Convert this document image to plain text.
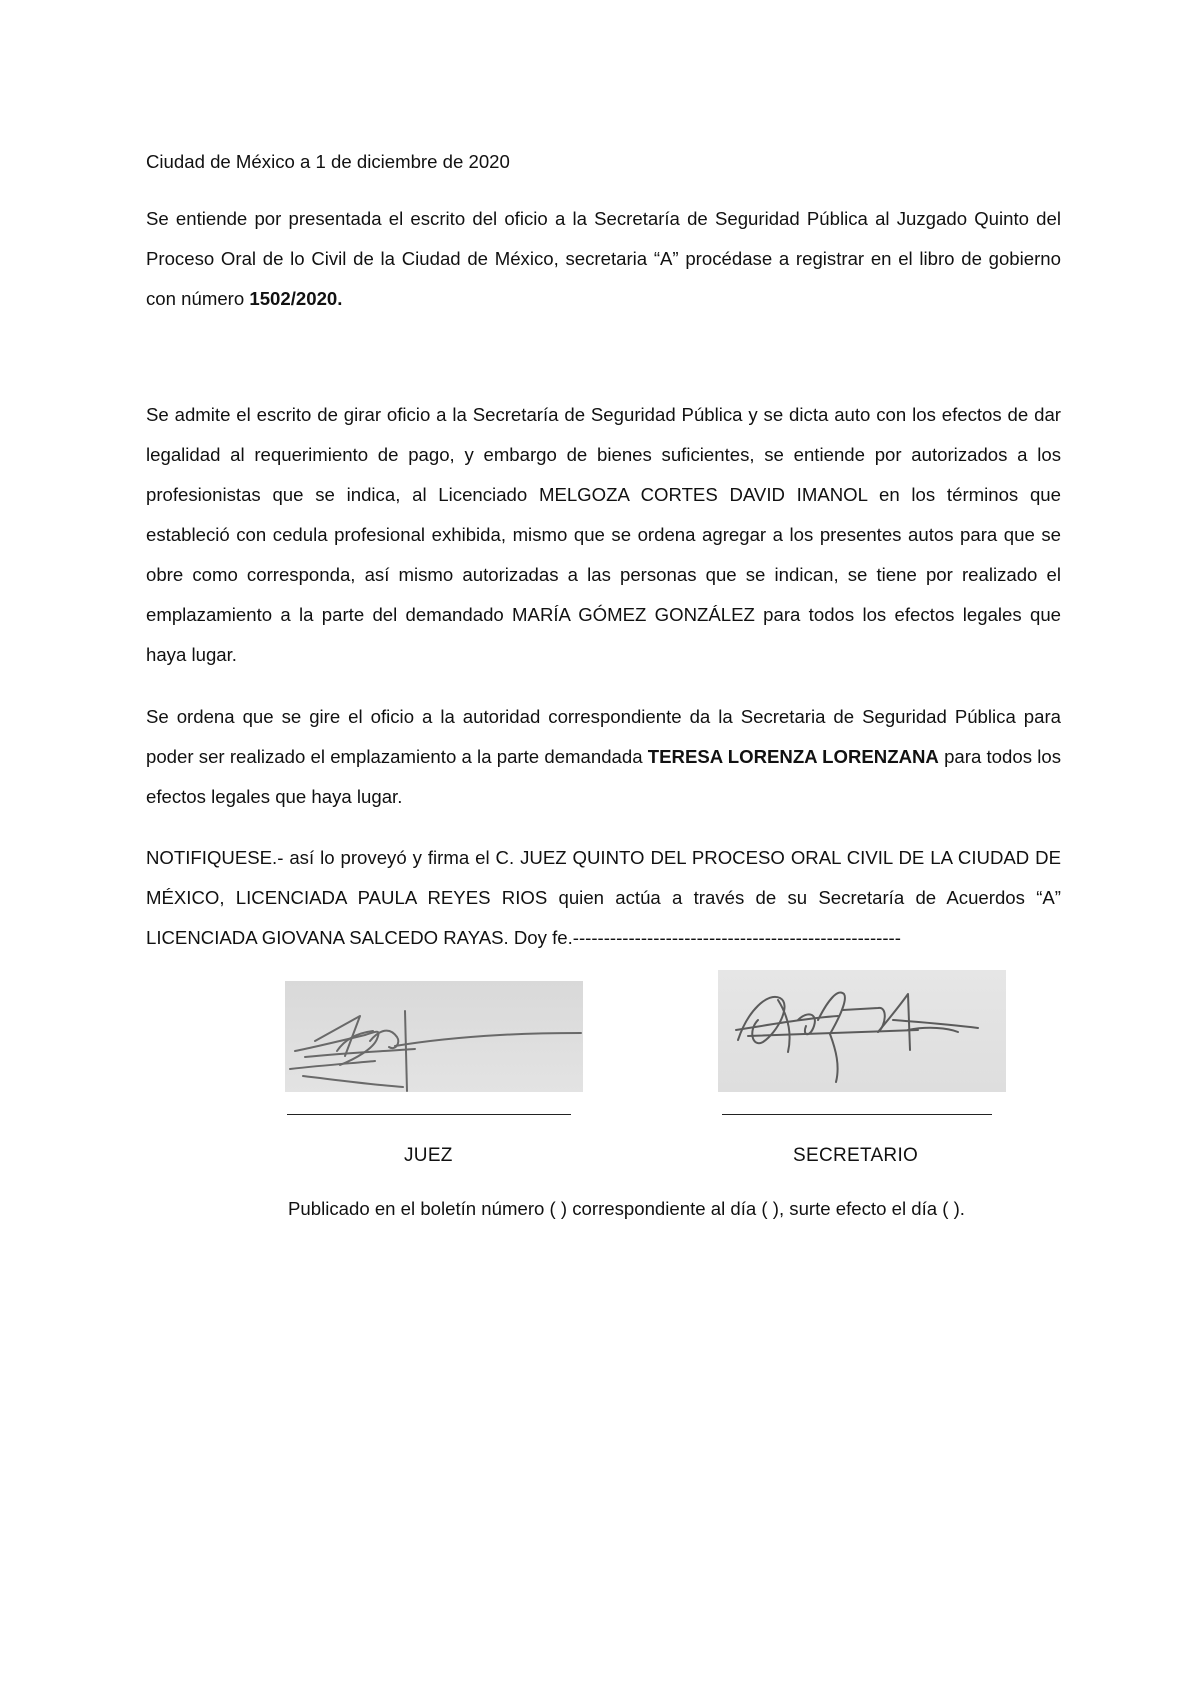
Ciudad de México a 1 de diciembre de 2020

Se entiende por presentada el escrito del oficio a la Secretaría de Seguridad Pública al Juzgado Quinto del Proceso Oral de lo Civil de la Ciudad de México, secretaria “A” procédase a registrar en el libro de gobierno con número 1502/2020.

Se admite el escrito de girar oficio a la Secretaría de Seguridad Pública y se dicta auto con los efectos de dar legalidad al requerimiento de pago, y embargo de bienes suficientes, se entiende por autorizados a los profesionistas que se indica, al Licenciado MELGOZA CORTES DAVID IMANOL en los términos que estableció con cedula profesional exhibida, mismo que se ordena agregar a los presentes autos para que se obre como corresponda, así mismo autorizadas a las personas que se indican, se tiene por realizado el emplazamiento a la parte del demandado MARÍA GÓMEZ GONZÁLEZ para todos los efectos legales que haya lugar.

Se ordena que se gire el oficio a la autoridad correspondiente da la Secretaria de Seguridad Pública para poder ser realizado el emplazamiento a la parte demandada TERESA LORENZA LORENZANA para todos los efectos legales que haya lugar.

NOTIFIQUESE.- así lo proveyó y firma el C. JUEZ QUINTO DEL PROCESO ORAL CIVIL DE LA CIUDAD DE MÉXICO, LICENCIADA PAULA REYES RIOS quien actúa a través de su Secretaría de Acuerdos “A” LICENCIADA GIOVANA SALCEDO RAYAS. Doy fe.-----------------------------------------------------

JUEZ	SECRETARIO
Publicado en el boletín número ( ) correspondiente al día ( ), surte efecto el día ( ).
